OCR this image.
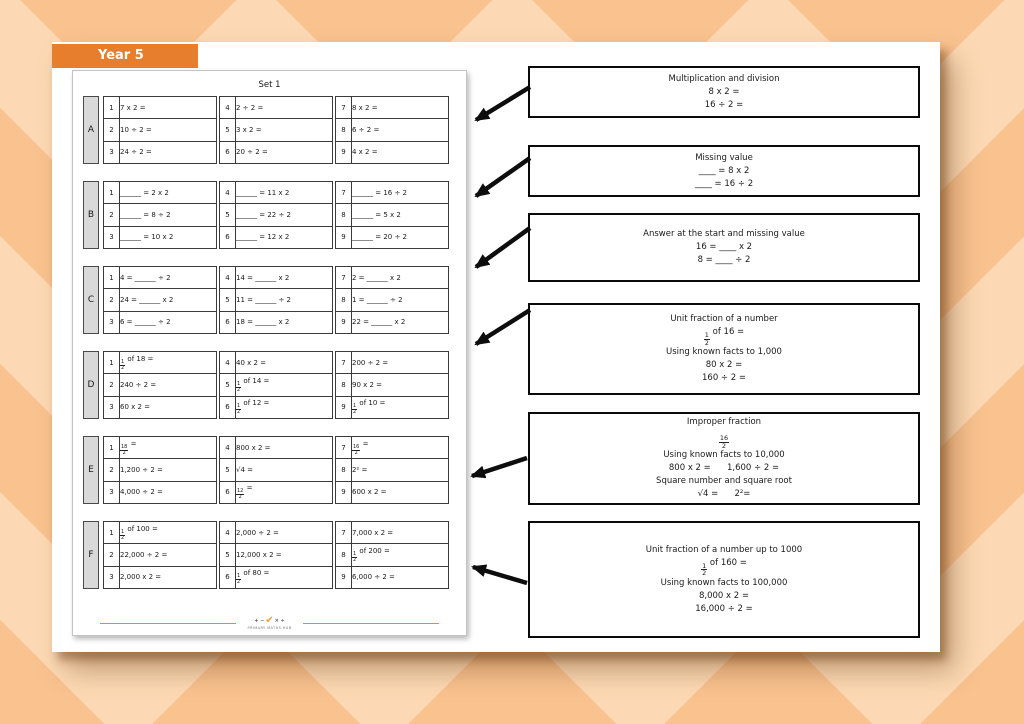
Year 5
Set 1
A
1	7 x 2 =
2	10 ÷ 2 =
3	24 ÷ 2 =
4	2 ÷ 2 =
5	3 x 2 =
6	20 ÷ 2 =
7	8 x 2 =
8	6 ÷ 2 =
9	4 x 2 =
B
1	______ = 2 x 2
2	______ = 8 ÷ 2
3	______ = 10 x 2
4	______ = 11 x 2
5	______ = 22 ÷ 2
6	______ = 12 x 2
7	______ = 16 ÷ 2
8	______ = 5 x 2
9	______ = 20 ÷ 2
C
1	4 = ______ ÷ 2
2	24 = ______ x 2
3	6 = ______ ÷ 2
4	14 = ______ x 2
5	11 = ______ ÷ 2
6	18 = ______ x 2
7	2 = ______ x 2
8	1 = ______ ÷ 2
9	22 = ______ x 2
D
1	$\frac{1}{2}$
of 18 =
2	240 ÷ 2 =
3	60 x 2 =
4	40 x 2 =
5	$\frac{1}{2}$
of 14 =
6	$\frac{1}{2}$
of 12 =
7	200 ÷ 2 =
8	90 x 2 =
9	$\frac{1}{2}$
of 10 =
E
1	$\frac{18}{2}$
=
2	1,200 ÷ 2 =
3	4,000 ÷ 2 =
4	800 x 2 =
5	√4 =
6	$\frac{12}{2}$
=
7	$\frac{16}{2}$
=
8	2² =
9	600 x 2 =
F
1	$\frac{1}{2}$
of 100 =
2	22,000 ÷ 2 =
3	2,000 x 2 =
4	2,000 ÷ 2 =
5	12,000 x 2 =
6	$\frac{1}{2}$
of 80 =
7	7,000 x 2 =
8	$\frac{1}{2}$
of 200 =
9	6,000 ÷ 2 =
+ − ✔ × ÷
PRIMARY MATHS HUB
Multiplication and division
8 x 2 =
16 ÷ 2 =
Missing value
____ = 8 x 2
____ = 16 ÷ 2
Answer at the start and missing value
16 = ____ x 2
8 = ____ ÷ 2
Unit fraction of a number
$\frac{1}{2}$ of 16 =
Using known facts to 1,000
80 x 2 =
160 ÷ 2 =
Improper fraction
$\frac{16}{2}$
Using known facts to 10,000
800 x 2 =      1,600 ÷ 2 =
Square number and square root
√4 =      2²=
Unit fraction of a number up to 1000
$\frac{1}{2}$ of 160 =
Using known facts to 100,000
8,000 x 2 =
16,000 ÷ 2 =
